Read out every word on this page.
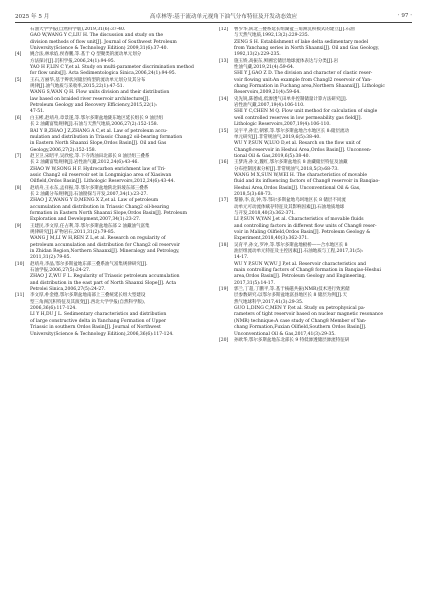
2025 年 5 月	高卓林等:基于流动单元视角下油气分布特征及开发动态效应	· 97 ·
石油大学学报(自然科学版),2019,31(6):37-40.
GAO W,WANG Y C,LIU H. The discussion and study on the
division methods of flow unit[J]. Journal of Southwest Petroleum
University(Science & Technology Edition) 2009,31(6):37-40.
[4]	姚合法,林承焰,侯春鹏,等.基于 Q 型聚类的流动单元划分
方法探讨[J].沉积学报,2006,24(1):94-95.
YAO H F,LIN C Y,et al. Study on multi-parameter discrimination method
for flow units[J]. Acta Sedimentologica Sinica,2006,24(1):94-95.
[5]	王石,万丽华,基于辫状河储层构型的流动单元划分及其分布
规律[J].油气地质与采收率,2015,22(1):47-51.
WANG S,WAN Q H. Flow units division and their distribution
law based on braided river reservoir architecture[J].
Petroleum Geology and Recovery Efficiency,2015,22(1):
47-51.
[6]	白玉彬,赵靖舟,章景遂,等.鄂尔多斯盆地陇东地区延长组长 9 油层组
长 2 油藏富集规律[J].石油与天然气地质,2006,27(2):152-158.
BAI Y B,ZHAO J Z,ZHANG A C,et al. Law of petroleum accu-
mulation and distribution in Triassic Chang2 oil-bearing formation
in Eastern North Shaanxi Slope,Ordos Basin[J]. Oil and Gas
Geology,2006,27(2):152-158.
[7]	赵卫卫,宋昭平,吴欣松,等.下寺湾油田北部长 8 油层组三叠系
长 2 油藏富集规律[J].岩性油气藏,2012,24(6):43-46.
ZHAO W W,SONG H F. Hydrocarbon enrichment law of Tri-
assic Chang2 oil reservoir set in Longmiqiao area of Xiasiwan
Oilfield,Ordos Basin[J]. Lithologic Reservoirs,2012,24(6):43-44.
[8]	赵靖舟,王永东,孟祥振,等.鄂尔多斯盆地陕北斜坡东部三叠系
长 2 油藏分布规律[J].石油勘探与开发,2007,34(1):23-27.
ZHAO J Z,WANG Y D,MENG X Z,et al. Law of petroleum
accumulation and distribution in Triassic Chang2 oil-bearing
formation in Eastern North Shaanxi Slope,Ordos Basin[J]. Petroleum
Exploration and Development,2007,34(1):23-27.
[9]	王建民,李文厚,任占利,等.鄂尔多斯盆地东部 2 油藏油气富集
规律研究[J].矿物岩石,2011,31(2):79-85.
WANG J M,LI W H,REN Z L,et al. Research on regularity of
petroleum accumulation and distribution for Chang2 oil reservoir
in Zhidan Region,Northern Shaanxi[J]. Mineralogy and Petrology,
2011,31(2):79-85.
[10]	赵靖舟,李晶,鄂尔多斯盆地东部三叠系油气富集规律研究[J].
石油学报,2006,27(5):24-27.
ZHAO J Z,WU F L. Regularity of Triassic petroleum accumulation
and distribution in the east part of North Shaanxi Slope[J]. Acta
Petrolei Sinica,2006,27(5):24-27.
[11]	李文厚,朴金德,鄂尔多斯盆地南部上三叠统延长组大型建设
型三角洲沉积特征及其演变[J].西北大学学报(自然科学版),
2006,36(6):117-124.
LI Y H,DU J L. Sedimentary characteristics and distribution
of large constructive delta in Yanchang Formation of Upper
Triassic in southern Ordos Basin[J]. Journal of Northwest
University(Science & Technology Edition),2006,36(6):117-124.
[12]	曹少华,陕北三叠系延长组湖盆三角洲沉积模式的建立[J].石油
与天然气地质,1992,13(2):229-235.
ZENG S H. Establishment of lake delta sedimentary model
from Yanchang series in North Shaanxi[J]. Oil and Gas Geology,
1992,13(2):229-235.
[13]	施玉娇,高振东,鲜圃宏储层地球流体表达与分类[J].岩
性油气藏,2019,21(4):59-64.
SHI Y J,GAO Z D. The division and character of clastic reser-
voir flowing unit:An example from Changl2 reservoir of Yan-
chang Formation in Fuchang area,Northern Shaanxi[J]. Lithologic
Reservoirs,2009,21(4):59-64.
[14]	史先锐,陈德成,低渗透气田单井控制储量计算方法研究[J].
岩性油气藏,2007,19(4):106-110.
SHI Y C,CHEN M Q. Flow unit method for calculation of single
well controlled reserves in low permeability gas field[J].
Lithologic Reservoirs,2007,19(4):106-110.
[15]	吴宇平,孙宏,朝邪,等.鄂尔多斯盆地合水地区长 8:储层流动
单元研究[J].非常规油气,2019,6(5):38-40.
WU Y P,SUN W,LUO D,et al. Resarch on the flow unit of
Chang8:reservoir in Heshui Area,Ordos Basin[J]. Unconven-
tional Oil & Gas,2019,6(5):38-40.
[16]	王梦涛,孙文,魏红,鄂尔多斯盆地长 8 油藏储层特征及油藏
分布控制因素分析[J].非常规油气,2018,5(3):68-73.
WANG M X,SUN W,WEI H. The characteristics of movable
fluid and its influencing factors of Chang8 reservoir in Banqiao-
Heshui Area,Ordos Basin[J]. Unconventional Oil & Gas,
2018,5(3):68-73.
[17]	黎静,李,袁,钟,等.鄂尔多斯盆地乌珂地区长 8 储层不同流
动单元可动流体赋存特征及其影响因素[J].石油地质地球
与开发,2018,40(3):362-371.
LI P,SUN W,YAN J,et al. Characteristics of movable fluids
and controlling factors in different flow units of Chang8 reser-
voir in Maling Oilfield,Ordos Basin[J]. Petroleum Geology &
Experiment,2018,40(3):362-371.
[18]	吴育平,孙文,罗冲,等.鄂尔多斯盆地板桥——合水地区长 8
油层组流动单元特征及主控因素[J].石油地质与工程,2017,31(5):
14-17.
WU Y P,SUN W,WU J P,et al. Reservoir characteristics and
main controlling factors of Chang8 formation in Banqiao-Heshui
area,Ordos Basin[J]. Petroleum Geology and Engineering,
2017,31(5):14-17.
[19]	郭兰,丁超,丁鹏平,等.基于核磁共振(NMR)技术进行致密储
层参数研究:以鄂尔多斯盆地富县地区长 8 储层为例[J].天
然气地球科学,2017,41(3):29-35.
GUO L,DING C,MEN Y P,et al. Study on petrophysical pa-
rameters of tight reservoir based on nuclear magnetic resonance
(NMR) technique:A case study of Chang8 Member of Yan-
chang Formation,Fuxian Oilfield,Southern Ordos Basin[J].
Unconventional Oil & Gas,2017,41(3):29-35.
[20]	孙欧华,鄂尔多斯盆地东北部长 9 特低渗透储层渗流特征研
